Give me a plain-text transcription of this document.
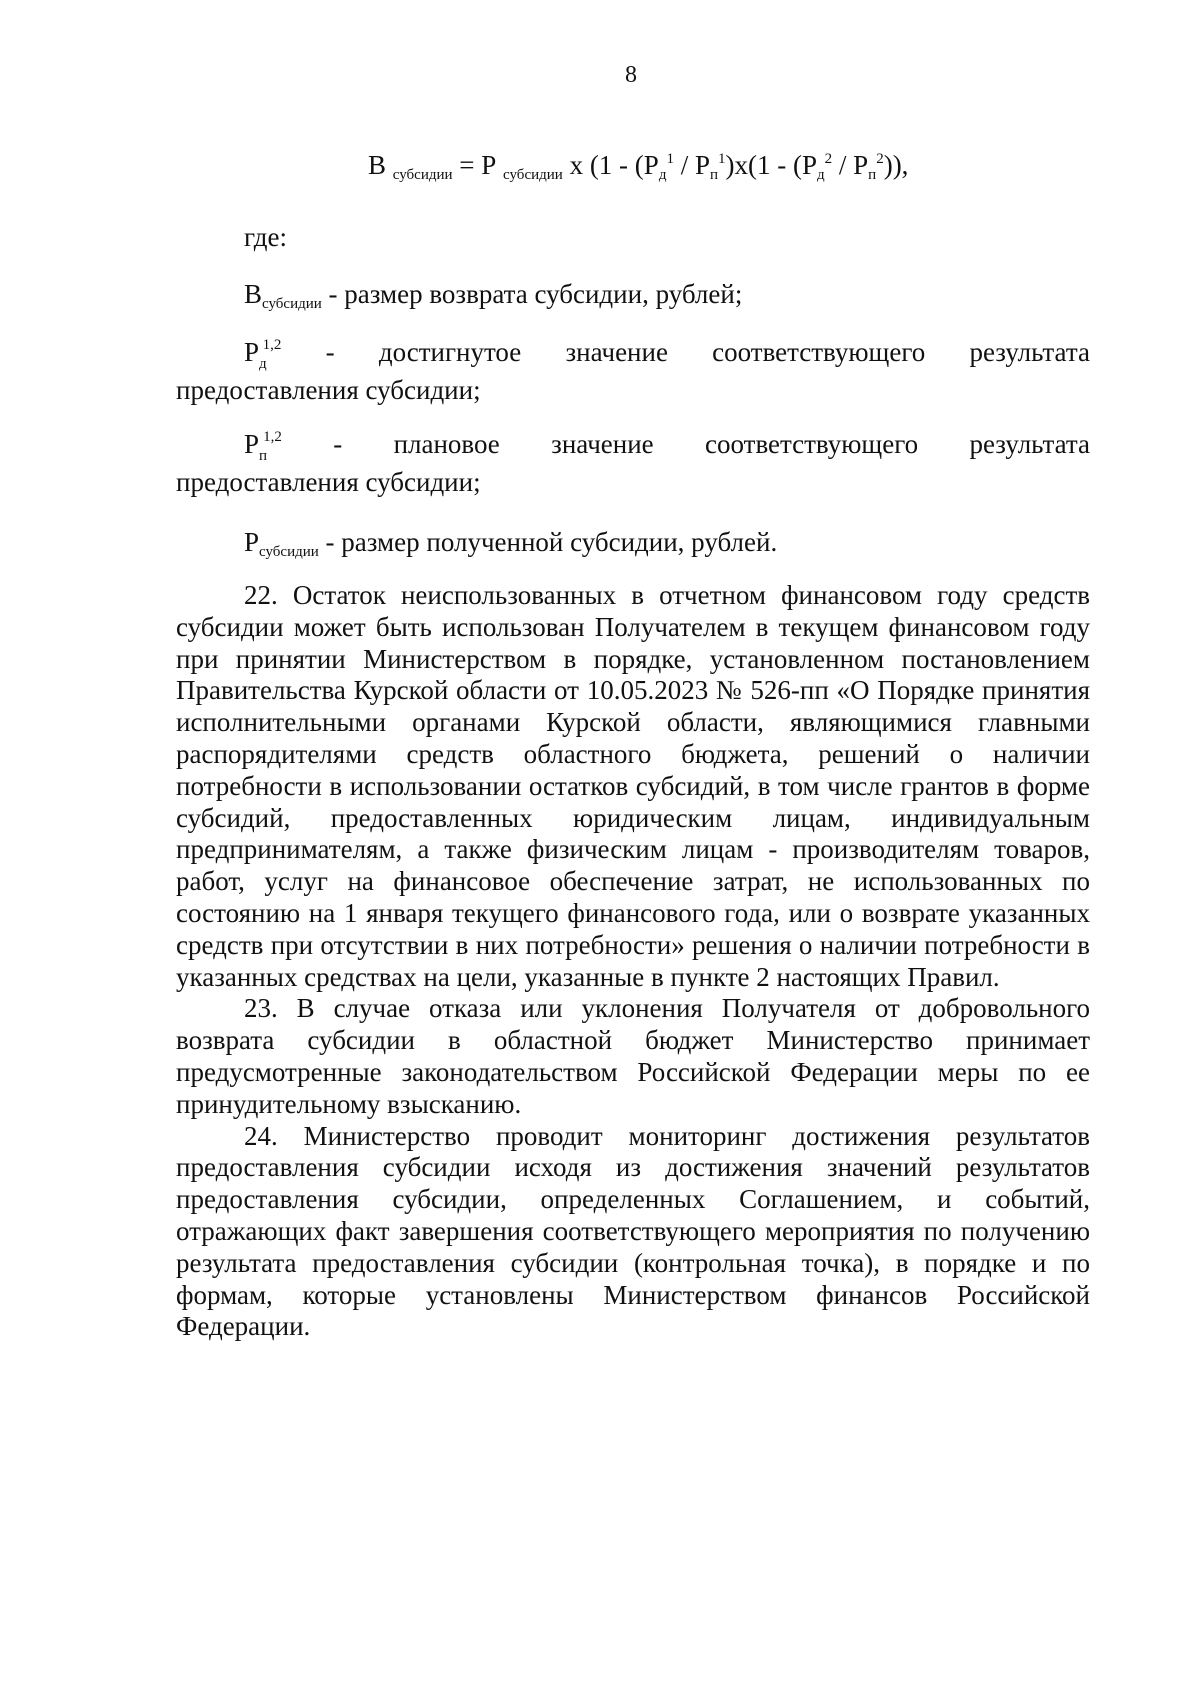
8

В $_{субсидии}$ = Р $_{субсидии}$ х ($1 - (Р_д^1 / Р_п^1)х(1 - (Р_д^2 / Р_п^2))$,

где:

$В_{субсидии}$ - размер возврата субсидии, рублей;

$Р_д^{1,2}$ - достигнутое значение соответствующего результата
предоставления субсидии;
$Р_п^{1,2}$ - плановое значение соответствующего результата
предоставления субсидии;

$Р_{субсидии}$ - размер полученной субсидии, рублей.

22. Остаток неиспользованных в отчетном финансовом году средств субсидии может быть использован Получателем в текущем финансовом году при принятии Министерством в порядке, установленном постановлением Правительства Курской области от 10.05.2023 № 526-пп «О Порядке принятия исполнительными органами Курской области, являющимися главными распорядителями средств областного бюджета, решений о наличии потребности в использовании остатков субсидий, в том числе грантов в форме субсидий, предоставленных юридическим лицам, индивидуальным предпринимателям, а также физическим лицам - производителям товаров, работ, услуг на финансовое обеспечение затрат, не использованных по состоянию на 1 января текущего финансового года, или о возврате указанных средств при отсутствии в них потребности» решения о наличии потребности в указанных средствах на цели, указанные в пункте 2 настоящих Правил.

23. В случае отказа или уклонения Получателя от добровольного возврата субсидии в областной бюджет Министерство принимает предусмотренные законодательством Российской Федерации меры по ее принудительному взысканию.

24. Министерство проводит мониторинг достижения результатов предоставления субсидии исходя из достижения значений результатов предоставления субсидии, определенных Соглашением, и событий, отражающих факт завершения соответствующего мероприятия по получению результата предоставления субсидии (контрольная точка), в порядке и по формам, которые установлены Министерством финансов Российской Федерации.
